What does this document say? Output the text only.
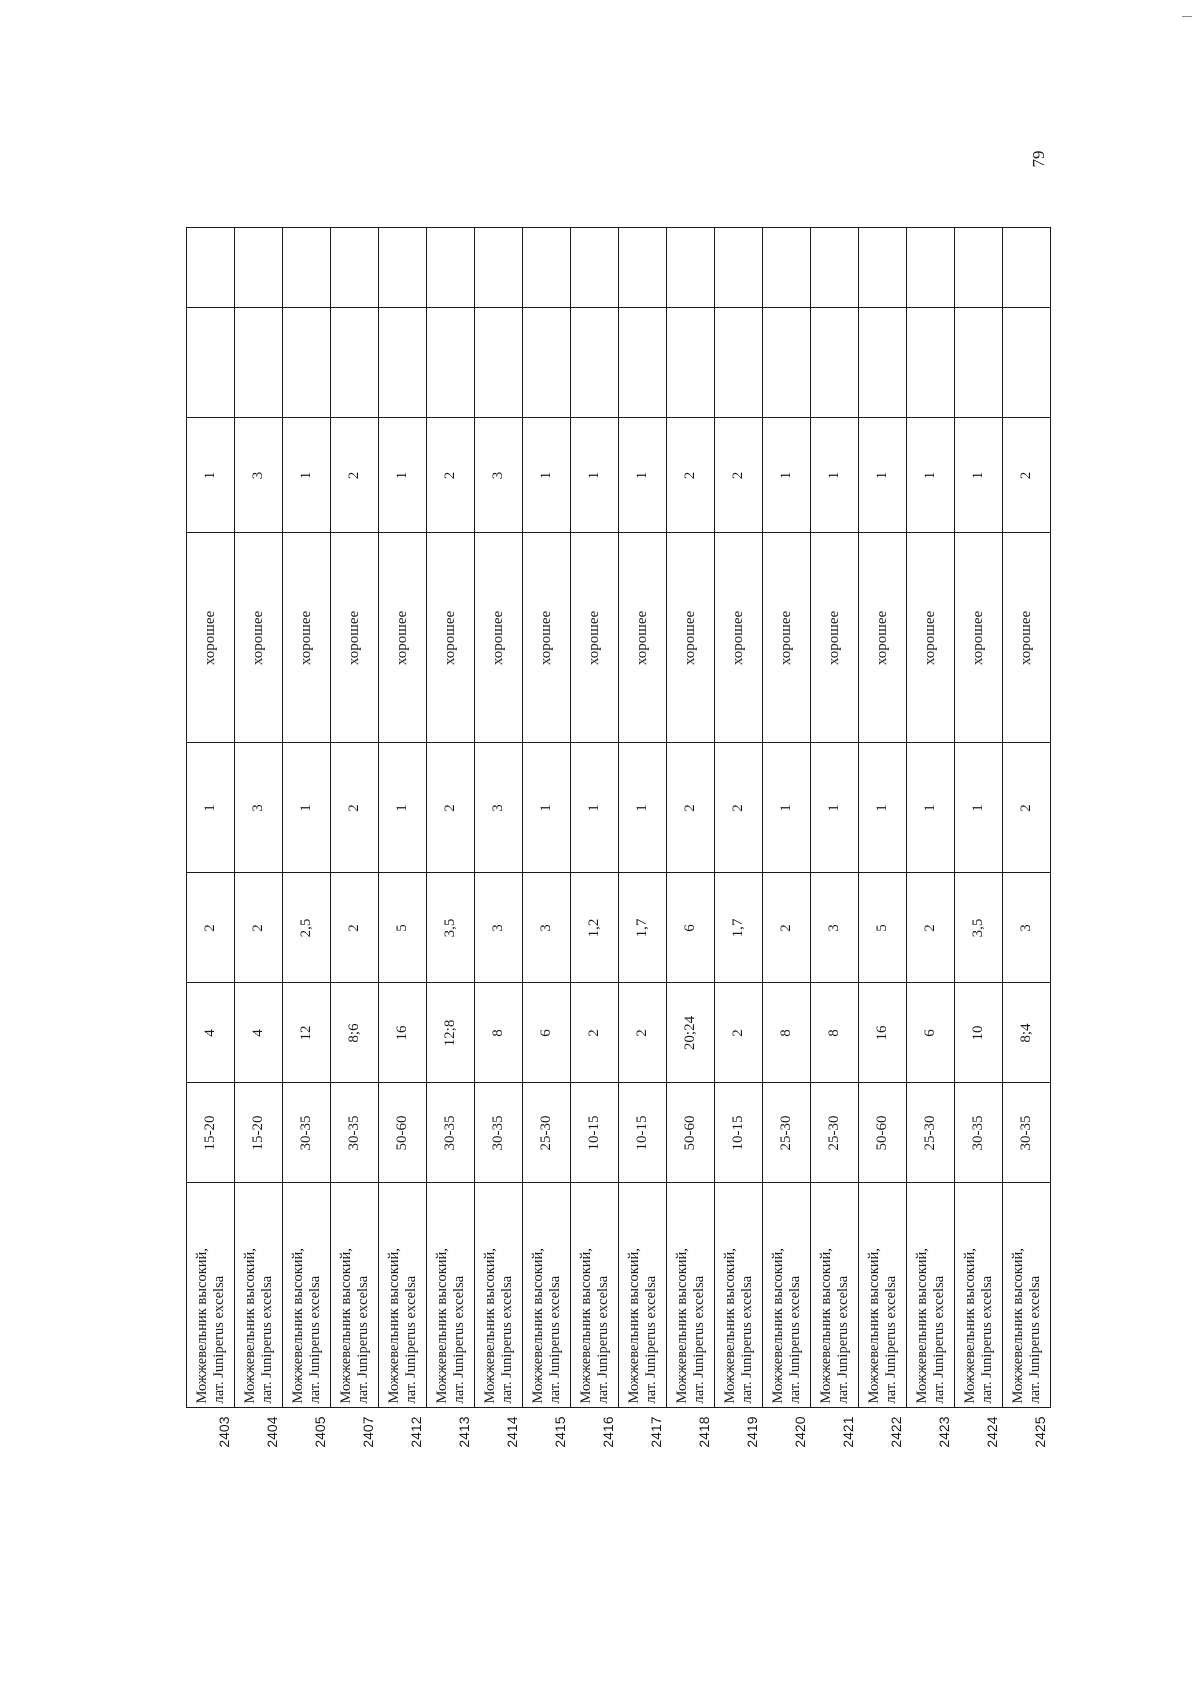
79
2403	Можжевельник высокий, лат. Juniperus excelsa	15-20	4	2	1	хорошее	1		
2404	Можжевельник высокий, лат. Juniperus excelsa	15-20	4	2	3	хорошее	3		
2405	Можжевельник высокий, лат. Juniperus excelsa	30-35	12	2,5	1	хорошее	1		
2407	Можжевельник высокий, лат. Juniperus excelsa	30-35	8;6	2	2	хорошее	2		
2412	Можжевельник высокий, лат. Juniperus excelsa	50-60	16	5	1	хорошее	1		
2413	Можжевельник высокий, лат. Juniperus excelsa	30-35	12;8	3,5	2	хорошее	2		
2414	Можжевельник высокий, лат. Juniperus excelsa	30-35	8	3	3	хорошее	3		
2415	Можжевельник высокий, лат. Juniperus excelsa	25-30	6	3	1	хорошее	1		
2416	Можжевельник высокий, лат. Juniperus excelsa	10-15	2	1,2	1	хорошее	1		
2417	Можжевельник высокий, лат. Juniperus excelsa	10-15	2	1,7	1	хорошее	1		
2418	Можжевельник высокий, лат. Juniperus excelsa	50-60	20;24	6	2	хорошее	2		
2419	Можжевельник высокий, лат. Juniperus excelsa	10-15	2	1,7	2	хорошее	2		
2420	Можжевельник высокий, лат. Juniperus excelsa	25-30	8	2	1	хорошее	1		
2421	Можжевельник высокий, лат. Juniperus excelsa	25-30	8	3	1	хорошее	1		
2422	Можжевельник высокий, лат. Juniperus excelsa	50-60	16	5	1	хорошее	1		
2423	Можжевельник высокий, лат. Juniperus excelsa	25-30	6	2	1	хорошее	1		
2424	Можжевельник высокий, лат. Juniperus excelsa	30-35	10	3,5	1	хорошее	1		
2425	Можжевельник высокий, лат. Juniperus excelsa	30-35	8;4	3	2	хорошее	2		
